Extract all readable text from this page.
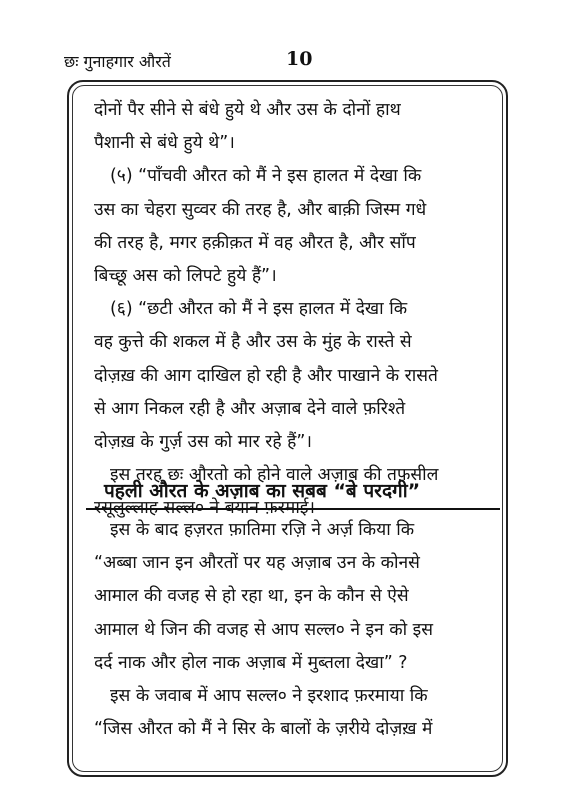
छः गुनाहगार औरतें	10
दोनों पैर सीने से बंधे हुये थे और उस के दोनों हाथ
पैशानी से बंधे हुये थे”।
(५) “पाँचवी औरत को मैं ने इस हालत में देखा कि
उस का चेहरा सुव्वर की तरह है, और बाक़ी जिस्म गधे
की तरह है, मगर हक़ीक़त में वह औरत है, और साँप
बिच्छू अस को लिपटे हुये हैं”।
(६) “छटी औरत को मैं ने इस हालत में देखा कि
वह कुत्ते की शकल में है और उस के मुंह के रास्ते से
दोज़ख़ की आग दाखिल हो रही है और पाखाने के रासते
से आग निकल रही है और अज़ाब देने वाले फ़रिश्ते
दोज़ख़ के गुर्ज़ उस को मार रहे हैं”।
इस तरह छः औरतो को होने वाले अज़ाब की तफ़सील
रसूलुल्लाह सल्ल० ने बयान फ़रमाई।
पहली औरत के अज़ाब का सबब “बे परदगी”
इस के बाद हज़रत फ़ातिमा रज़ि ने अर्ज़ किया कि
“अब्बा जान इन औरतों पर यह अज़ाब उन के कोनसे
आमाल की वजह से हो रहा था, इन के कौन से ऐसे
आमाल थे जिन की वजह से आप सल्ल० ने इन को इस
दर्द नाक और होल नाक अज़ाब में मुब्तला देखा” ?
इस के जवाब में आप सल्ल० ने इरशाद फ़रमाया कि
“जिस औरत को मैं ने सिर के बालों के ज़रीये दोज़ख़ में
